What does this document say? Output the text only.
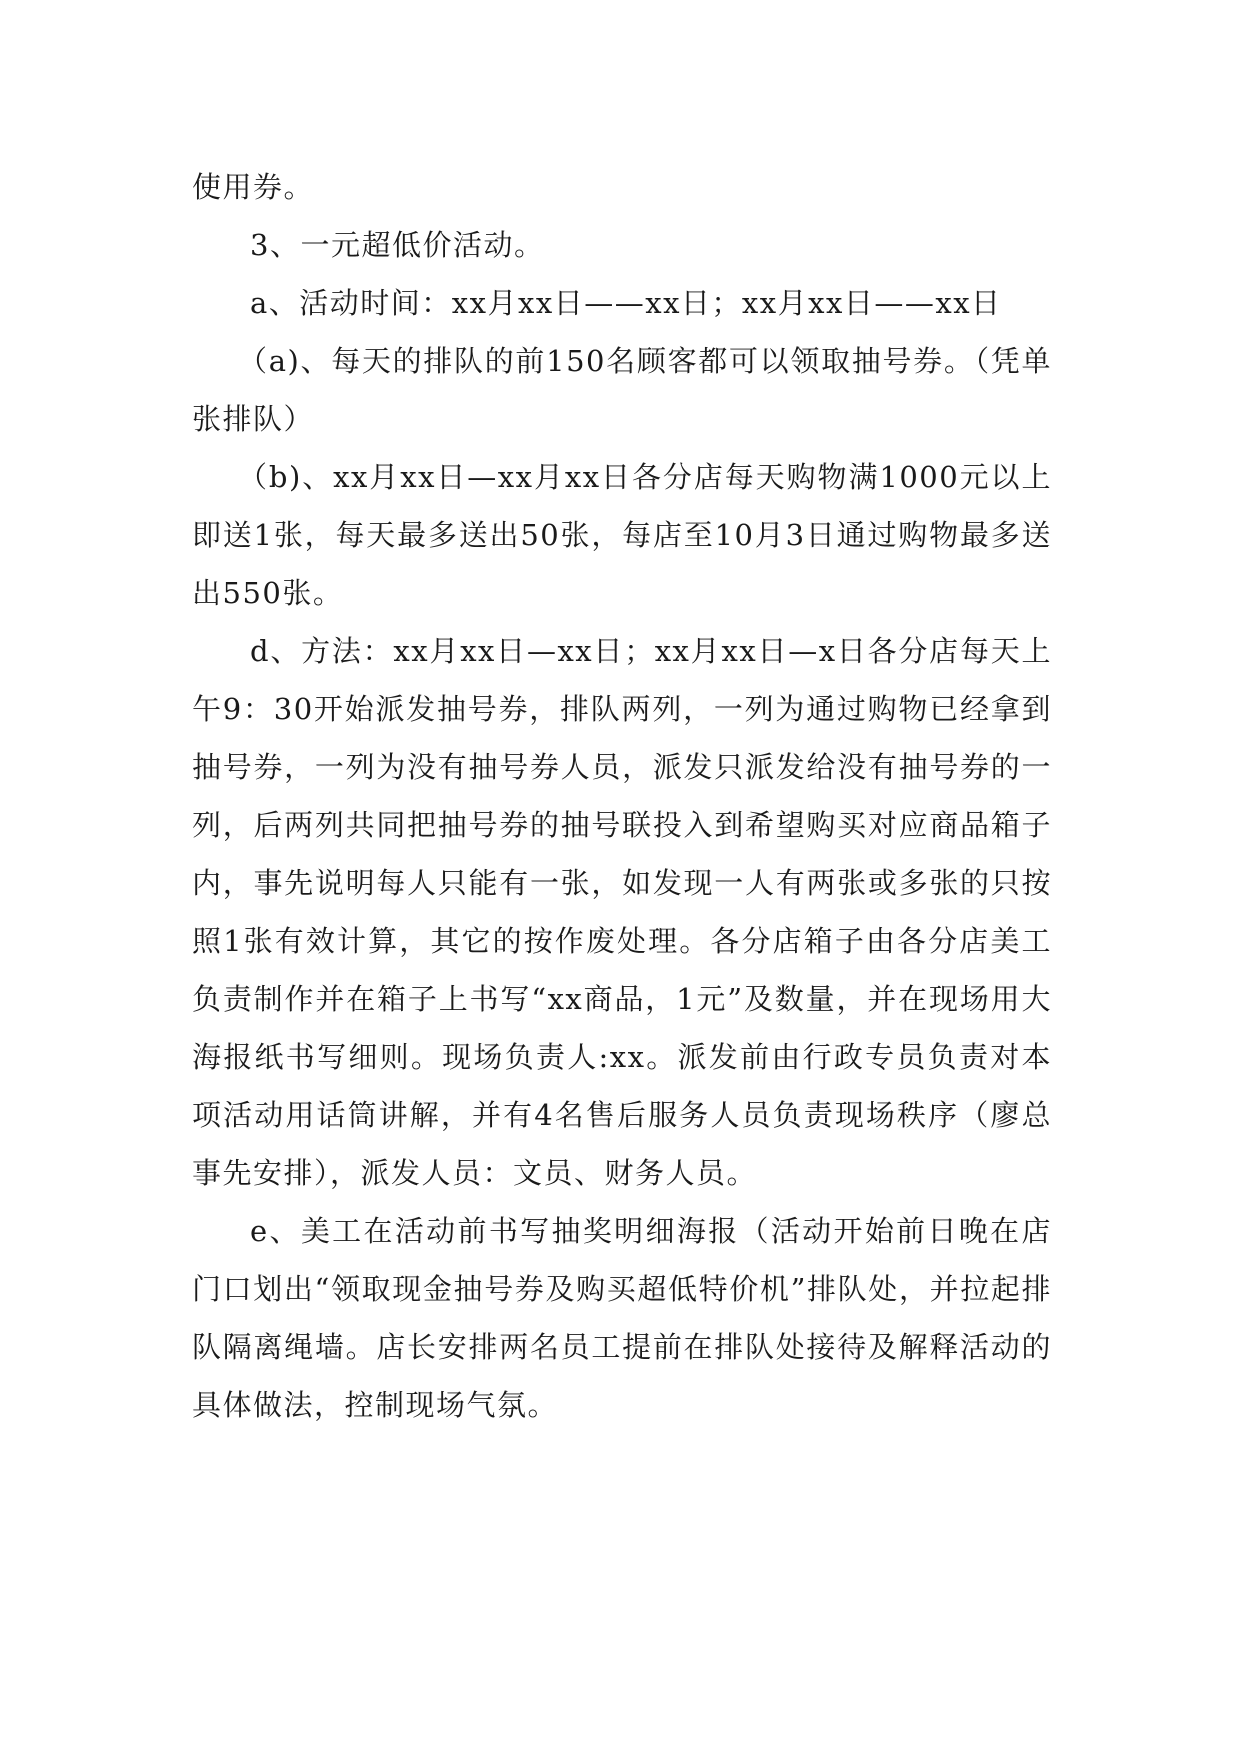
使用券。

3、一元超低价活动。

a、活动时间：xx月xx日——xx日；xx月xx日——xx日

（a)、每天的排队的前150名顾客都可以领取抽号券。（凭单张排队）

（b)、xx月xx日—xx月xx日各分店每天购物满1000元以上即送1张，每天最多送出50张，每店至10月3日通过购物最多送出550张。

d、方法：xx月xx日—xx日；xx月xx日—x日各分店每天上午9：30开始派发抽号券，排队两列，一列为通过购物已经拿到抽号券，一列为没有抽号券人员，派发只派发给没有抽号券的一列，后两列共同把抽号券的抽号联投入到希望购买对应商品箱子内，事先说明每人只能有一张，如发现一人有两张或多张的只按照1张有效计算，其它的按作废处理。各分店箱子由各分店美工负责制作并在箱子上书写“xx商品，1元”及数量，并在现场用大海报纸书写细则。现场负责人:xx。派发前由行政专员负责对本项活动用话筒讲解，并有4名售后服务人员负责现场秩序（廖总事先安排），派发人员：文员、财务人员。

e、美工在活动前书写抽奖明细海报（活动开始前日晚在店门口划出“领取现金抽号券及购买超低特价机”排队处，并拉起排队隔离绳墙。店长安排两名员工提前在排队处接待及解释活动的具体做法，控制现场气氛。
